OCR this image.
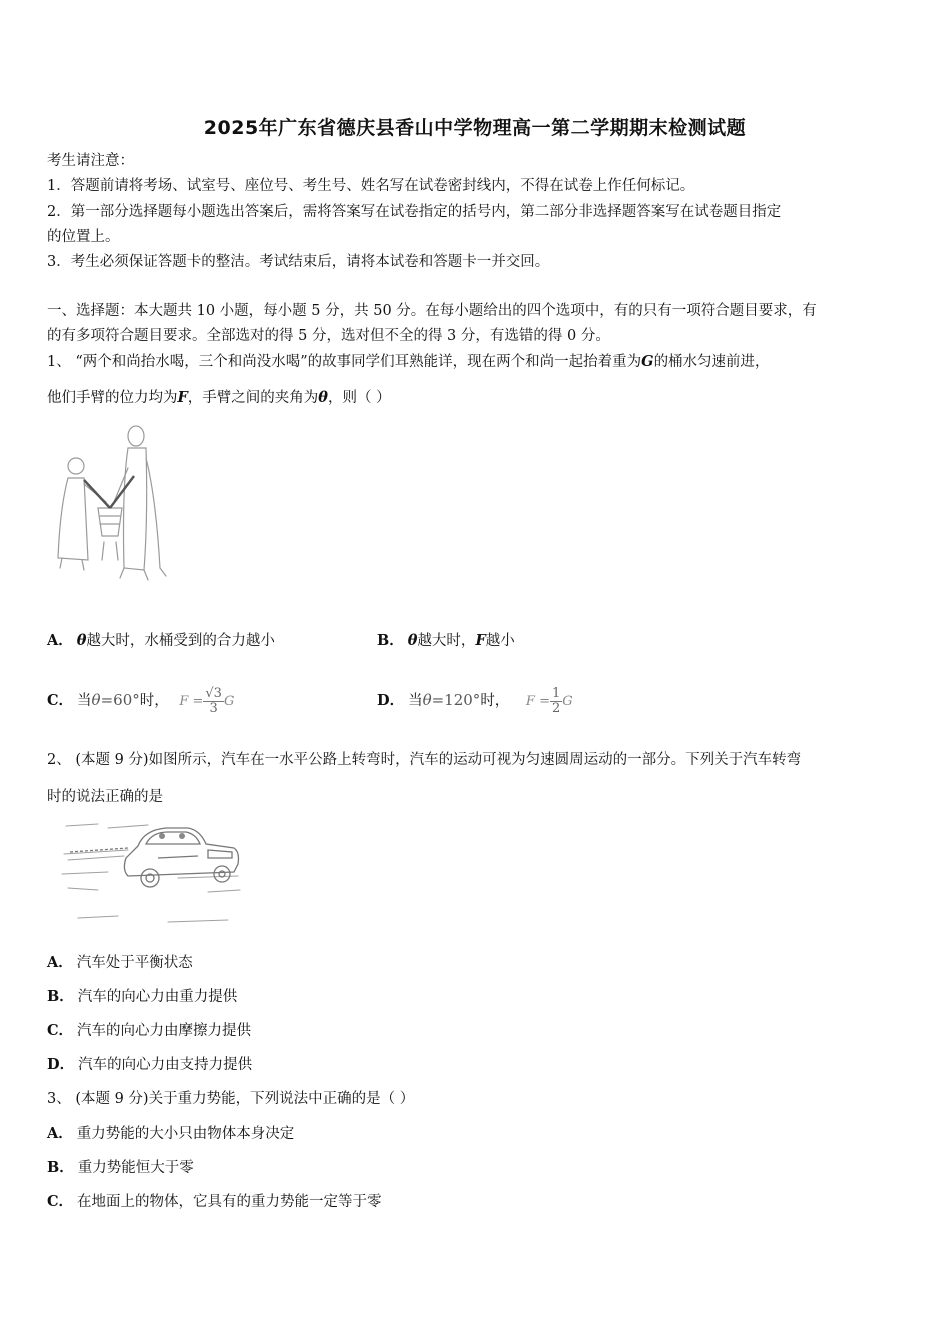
2025年广东省德庆县香山中学物理高一第二学期期末检测试题
考生请注意：
1．答题前请将考场、试室号、座位号、考生号、姓名写在试卷密封线内，不得在试卷上作任何标记。
2．第一部分选择题每小题选出答案后，需将答案写在试卷指定的括号内，第二部分非选择题答案写在试卷题目指定
的位置上。
3．考生必须保证答题卡的整洁。考试结束后，请将本试卷和答题卡一并交回。
一、选择题：本大题共 10 小题，每小题 5 分，共 50 分。在每小题给出的四个选项中，有的只有一项符合题目要求，有
的有多项符合题目要求。全部选对的得 5 分，选对但不全的得 3 分，有选错的得 0 分。
1、 “两个和尚抬水喝，三个和尚没水喝”的故事同学们耳熟能详，现在两个和尚一起抬着重为G的桶水匀速前进，
他们手臂的位力均为F，手臂之间的夹角为θ，则（ ）
A． θ越大时，水桶受到的合力越小	B． θ越大时，F越小
C． 当θ=60°时， $F = \frac{√3}{3}$ G	D． 当θ=120°时， $F = \frac{1}{2}$ G
2、 (本题 9 分)如图所示，汽车在一水平公路上转弯时，汽车的运动可视为匀速圆周运动的一部分。下列关于汽车转弯
时的说法正确的是
A． 汽车处于平衡状态
B． 汽车的向心力由重力提供
C． 汽车的向心力由摩擦力提供
D． 汽车的向心力由支持力提供
3、 (本题 9 分)关于重力势能，下列说法中正确的是（ ）
A． 重力势能的大小只由物体本身决定
B． 重力势能恒大于零
C． 在地面上的物体，它具有的重力势能一定等于零
